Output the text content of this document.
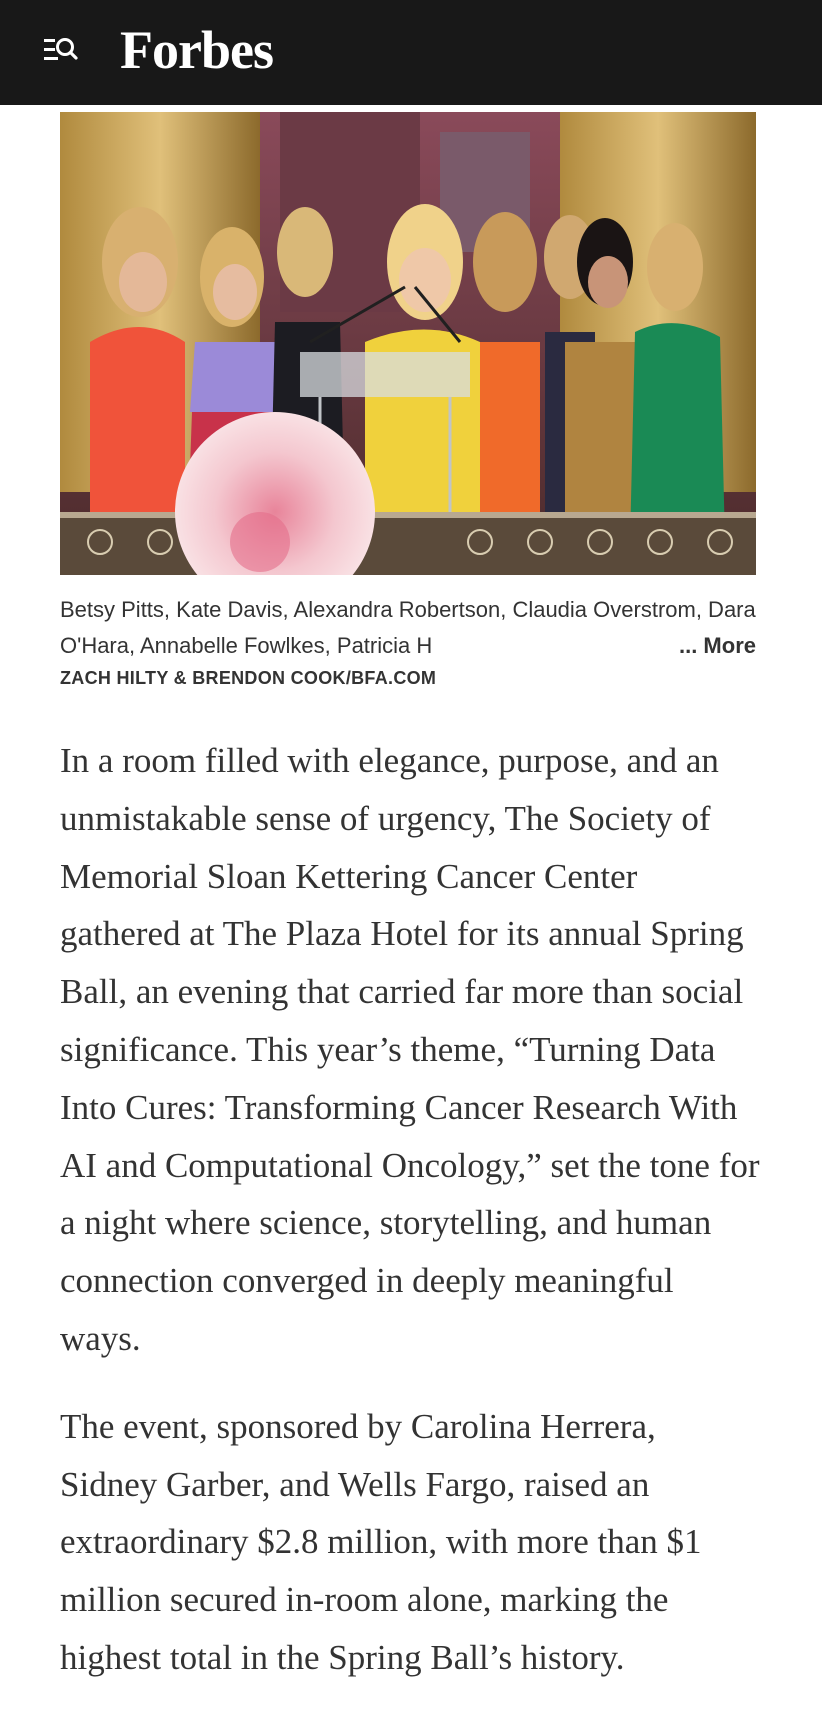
Forbes
Betsy Pitts, Kate Davis, Alexandra Robertson, Claudia Overstrom, Dara O'Hara, Annabelle Fowlkes, Patricia H	... More
ZACH HILTY & BRENDON COOK/BFA.COM

In a room filled with elegance, purpose, and an unmistakable sense of urgency, The Society of Memorial Sloan Kettering Cancer Center gathered at The Plaza Hotel for its annual Spring Ball, an evening that carried far more than social significance. This year’s theme, “Turning Data Into Cures: Transforming Cancer Research With AI and Computational Oncology,” set the tone for a night where science, storytelling, and human connection converged in deeply meaningful ways.

The event, sponsored by Carolina Herrera, Sidney Garber, and Wells Fargo, raised an extraordinary $2.8 million, with more than $1 million secured in-room alone, marking the highest total in the Spring Ball’s history.
